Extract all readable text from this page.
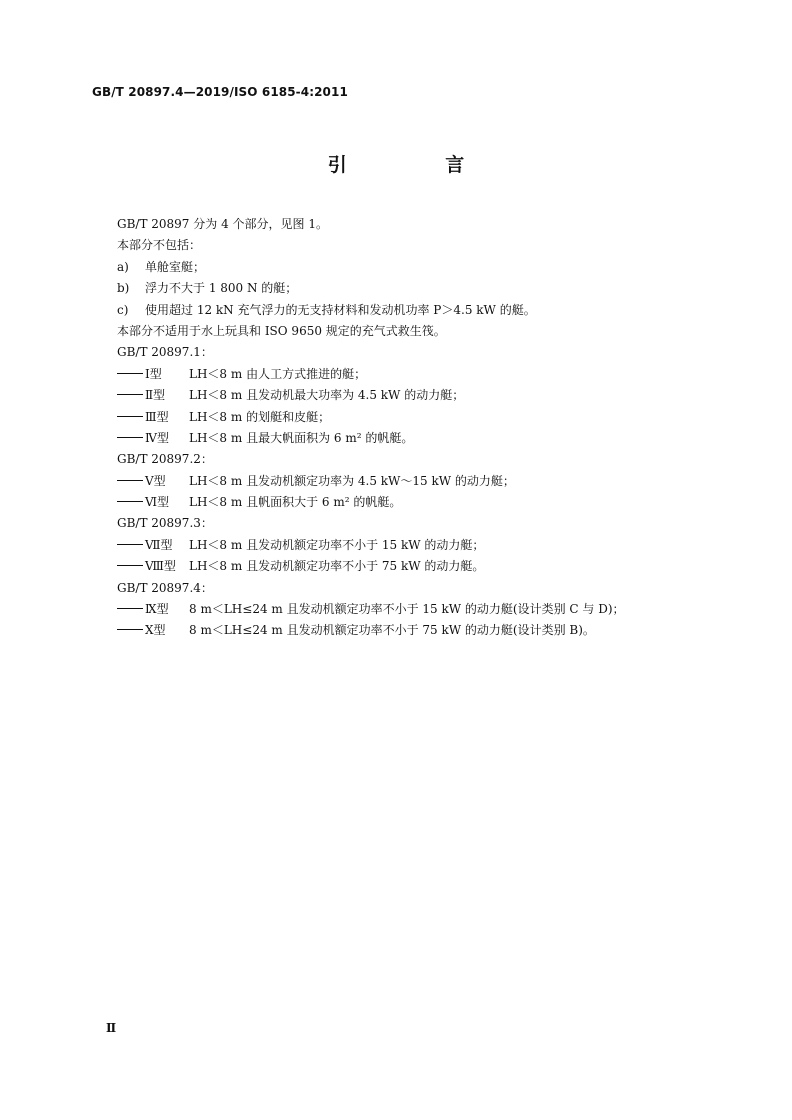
GB/T 20897.4—2019/ISO 6185-4:2011
引 言
GB/T 20897 分为 4 个部分，见图 1。
本部分不包括：
a) 单舱室艇；
b) 浮力不大于 1 800 N 的艇；
c) 使用超过 12 kN 充气浮力的无支持材料和发动机功率 P＞4.5 kW 的艇。
本部分不适用于水上玩具和 ISO 9650 规定的充气式救生筏。
GB/T 20897.1：
Ⅰ型 LH＜8 m 由人工方式推进的艇；
Ⅱ型 LH＜8 m 且发动机最大功率为 4.5 kW 的动力艇；
Ⅲ型 LH＜8 m 的划艇和皮艇；
Ⅳ型 LH＜8 m 且最大帆面积为 6 m² 的帆艇。
GB/T 20897.2：
Ⅴ型 LH＜8 m 且发动机额定功率为 4.5 kW～15 kW 的动力艇；
Ⅵ型 LH＜8 m 且帆面积大于 6 m² 的帆艇。
GB/T 20897.3：
Ⅶ型 LH＜8 m 且发动机额定功率不小于 15 kW 的动力艇；
Ⅷ型 LH＜8 m 且发动机额定功率不小于 75 kW 的动力艇。
GB/T 20897.4：
Ⅸ型 8 m＜LH≤24 m 且发动机额定功率不小于 15 kW 的动力艇(设计类别 C 与 D)；
Ⅹ型 8 m＜LH≤24 m 且发动机额定功率不小于 75 kW 的动力艇(设计类别 B)。
Ⅱ
